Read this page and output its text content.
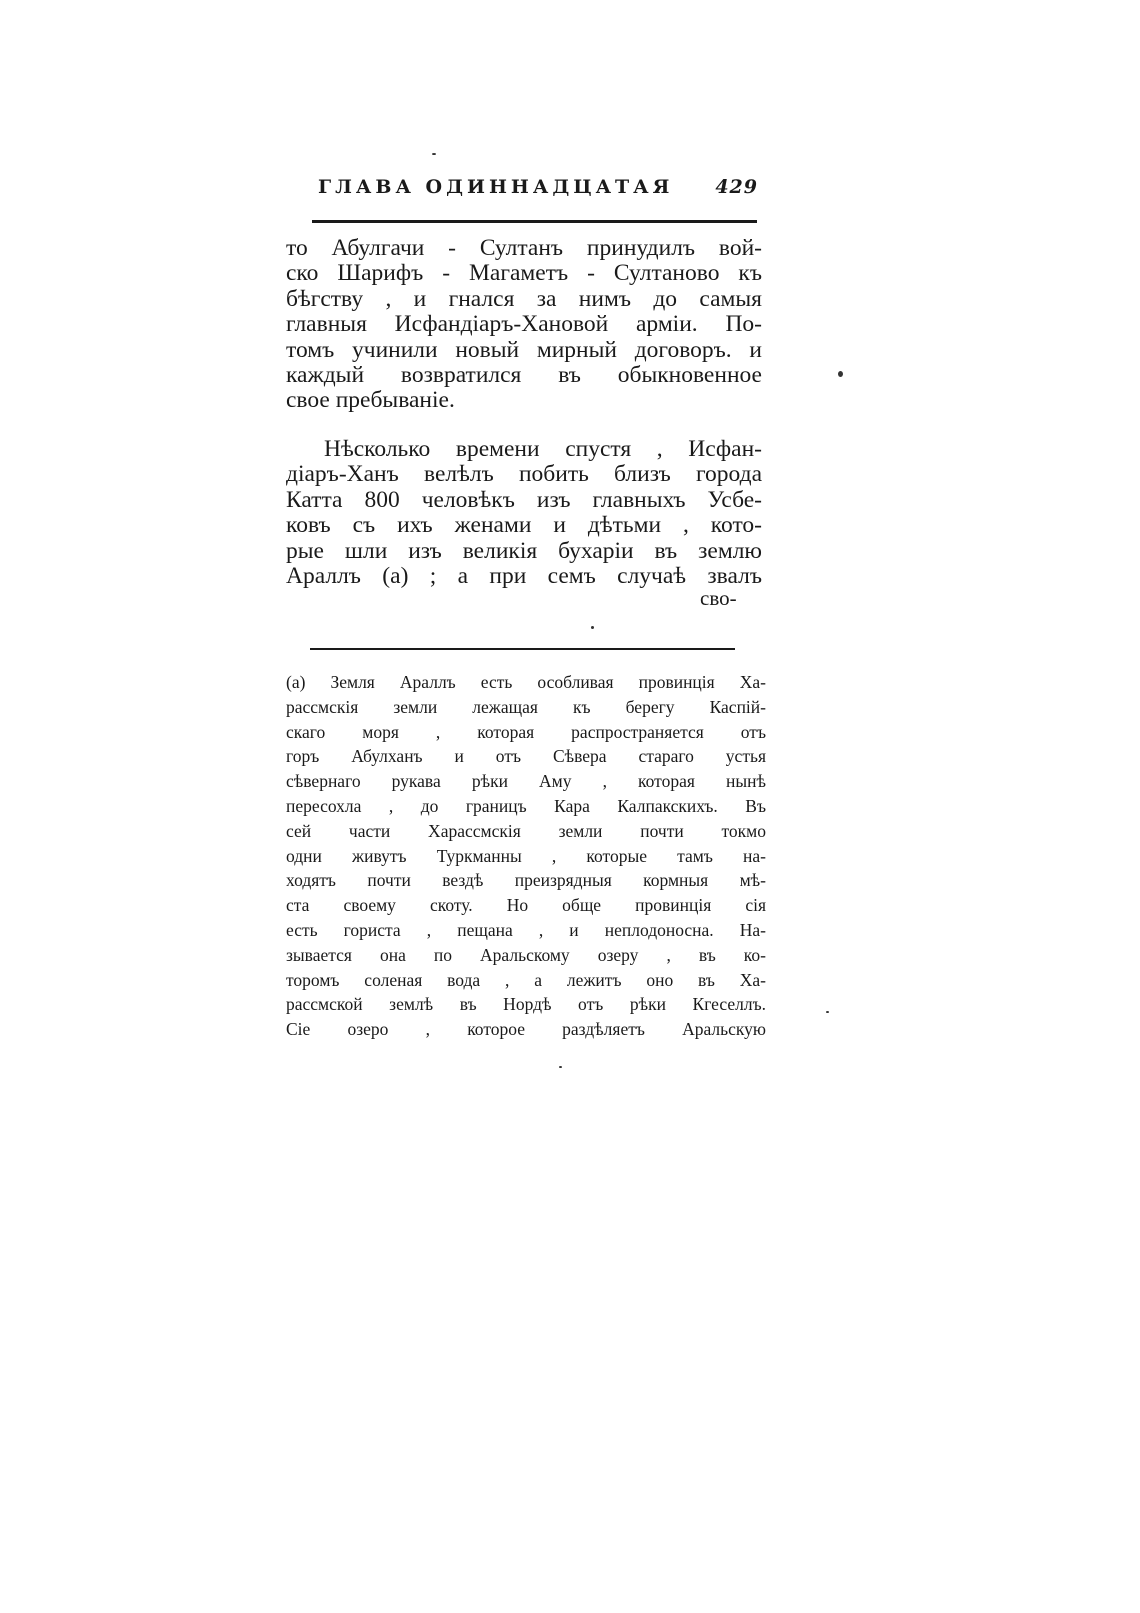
ГЛАВА ОДИННАДЦАТАЯ 429
то Абулгачи - Султанъ принудилъ вой-
ско Шарифъ - Магаметъ - Султаново къ
бѣгству , и гнался за нимъ до самыя
главныя Исфандiаръ-Хановой армiи. По-
томъ учинили новый мирный договоръ. и
каждый возвратился въ обыкновенное
свое пребыванiе.
Нѣсколько времени спустя , Исфан-
дiаръ-Ханъ велѣлъ побить близъ города
Катта 800 человѣкъ изъ главныхъ Усбе-
ковъ съ ихъ женами и дѣтьми , кото-
рые шли изъ великiя бухарiи въ землю
Араллъ (а) ; а при семъ случаѣ звалъ
сво-
(а) Земля Араллъ есть особливая провинцiя Ха-
рассмскiя земли лежащая къ берегу Каспiй-
скаго моря , которая распространяется отъ
горъ Абулханъ и отъ Сѣвера стараго устья
сѣвернаго рукава рѣки Аму , которая нынѣ
пересохла , до границъ Кара Калпакскихъ. Въ
сей части Харассмскiя земли почти токмо
одни живутъ Туркманны , которые тамъ на-
ходятъ почти вездѣ преизрядныя кормныя мѣ-
ста своему скоту. Но обще провинцiя сiя
есть гориста , пещана , и неплодоносна. На-
зывается она по Аральскому озеру , въ ко-
торомъ соленая вода , а лежитъ оно въ Ха-
рассмской землѣ въ Нордѣ отъ рѣки Кгеселлъ.
Сie озеро , которое раздѣляетъ Аральскую
